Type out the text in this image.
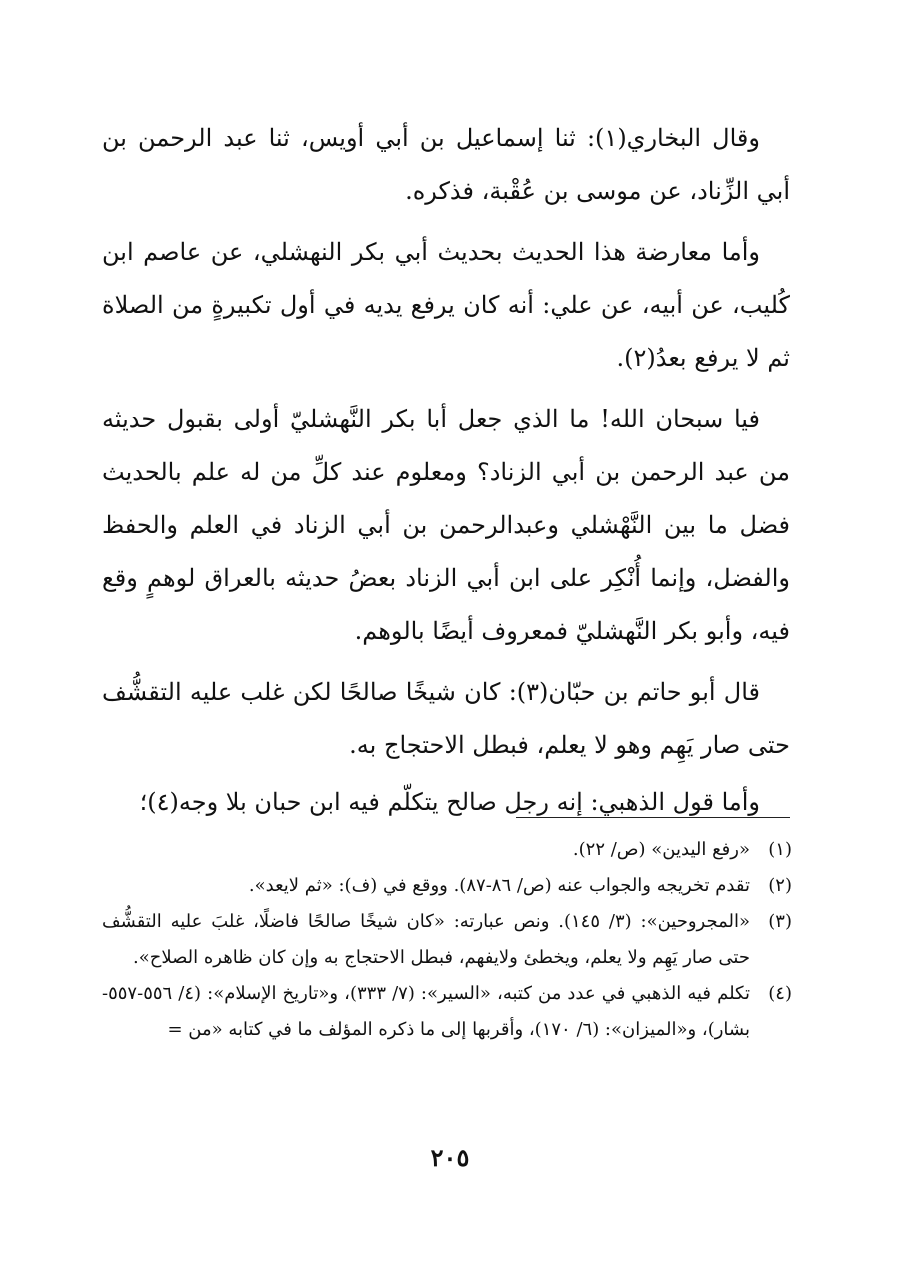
وقال البخاري(١): ثنا إسماعيل بن أبي أويس، ثنا عبد الرحمن بن أبي الزِّناد، عن موسى بن عُقْبة، فذكره.

وأما معارضة هذا الحديث بحديث أبي بكر النهشلي، عن عاصم ابن كُليب، عن أبيه، عن علي: أنه كان يرفع يديه في أول تكبيرةٍ من الصلاة ثم لا يرفع بعدُ(٢).

فيا سبحان الله! ما الذي جعل أبا بكر النَّهشليّ أولى بقبول حديثه من عبد الرحمن بن أبي الزناد؟ ومعلوم عند كلِّ من له علم بالحديث فضل ما بين النَّهْشلي وعبدالرحمن بن أبي الزناد في العلم والحفظ والفضل، وإنما أُنْكِر على ابن أبي الزناد بعضُ حديثه بالعراق لوهمٍ وقع فيه، وأبو بكر النَّهشليّ فمعروف أيضًا بالوهم.

قال أبو حاتم بن حبّان(٣): كان شيخًا صالحًا لكن غلب عليه التقشُّف حتى صار يَهِم وهو لا يعلم، فبطل الاحتجاج به.

وأما قول الذهبي: إنه رجل صالح يتكلّم فيه ابن حبان بلا وجه(٤)؛

(١)
«رفع اليدين» (ص/ ٢٢).
(٢)
تقدم تخريجه والجواب عنه (ص/ ٨٦-٨٧). ووقع في (ف): «ثم لايعد».
(٣)
«المجروحين»: (٣/ ١٤٥). ونص عبارته: «كان شيخًا صالحًا فاضلًا، غلبَ عليه التقشُّف حتى صار يَهِم ولا يعلم، ويخطئ ولايفهم، فبطل الاحتجاج به وإن كان ظاهره الصلاح».
(٤)
تكلم فيه الذهبي في عدد من كتبه، «السير»: (٧/ ٣٣٣)، و«تاريخ الإسلام»: (٤/ ٥٥٦-٥٥٧- بشار)، و«الميزان»: (٦/ ١٧٠)، وأقربها إلى ما ذكره المؤلف ما في كتابه «من =
٢٠٥
